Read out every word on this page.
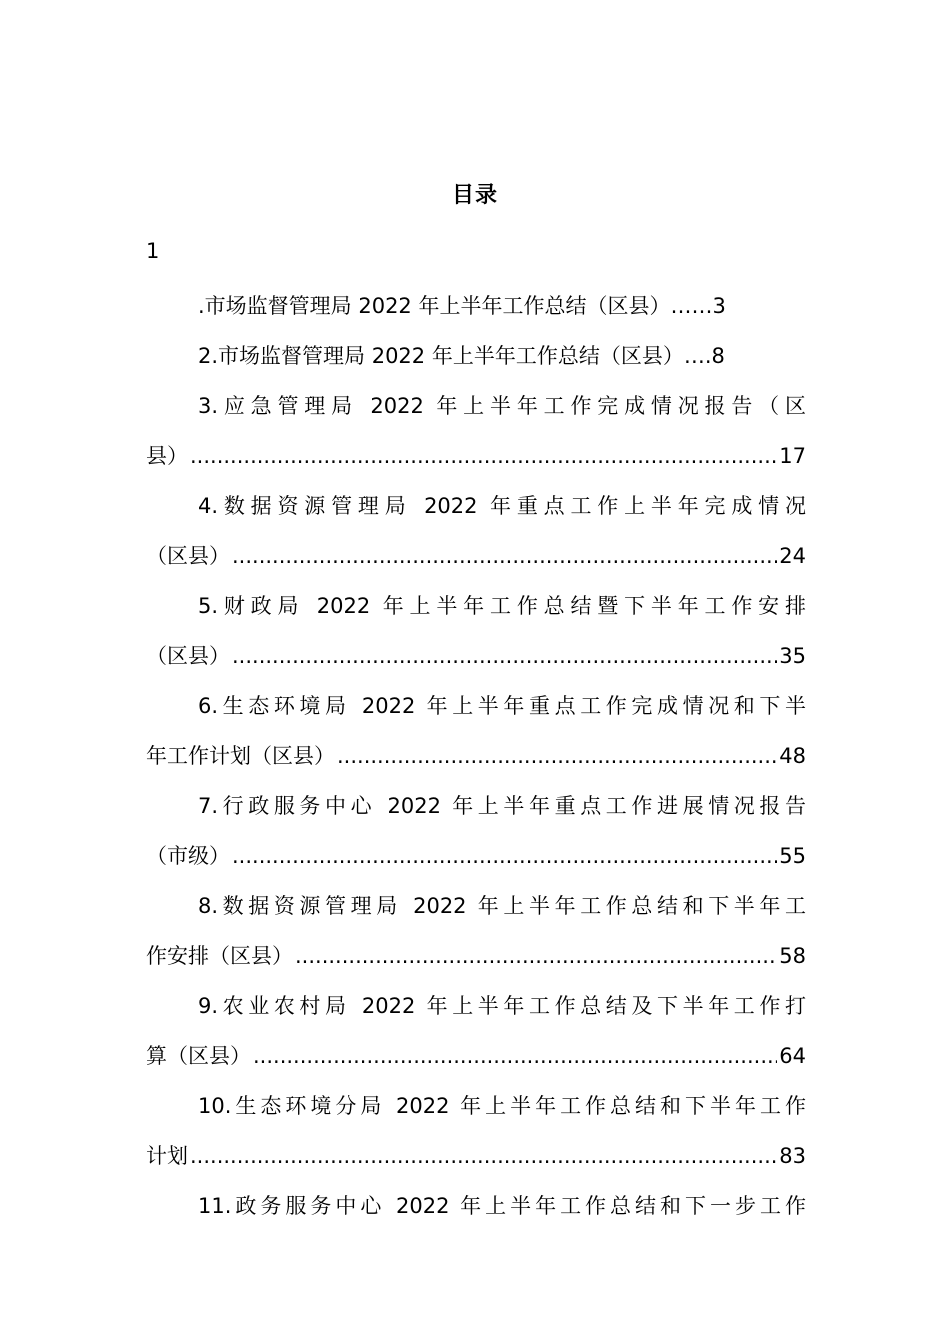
目录
1
.市场监督管理局 2022 年上半年工作总结（区县） …… 3
2.市场监督管理局 2022 年上半年工作总结（区县） …. 8
3.应急管理局 2022 年上半年工作完成情况报告（区
县） .....	17
4.数据资源管理局 2022 年重点工作上半年完成情况
（区县） .....	24
5.财政局 2022 年上半年工作总结暨下半年工作安排
（区县） .....	35
6.生态环境局 2022 年上半年重点工作完成情况和下半
年工作计划（区县） .....	48
7.行政服务中心 2022 年上半年重点工作进展情况报告
（市级） .....	55
8.数据资源管理局 2022 年上半年工作总结和下半年工
作安排（区县） .....	58
9.农业农村局 2022 年上半年工作总结及下半年工作打
算（区县） .....	64
10.生态环境分局 2022 年上半年工作总结和下半年工作
计划 .....	83
11.政务服务中心 2022 年上半年工作总结和下一步工作
